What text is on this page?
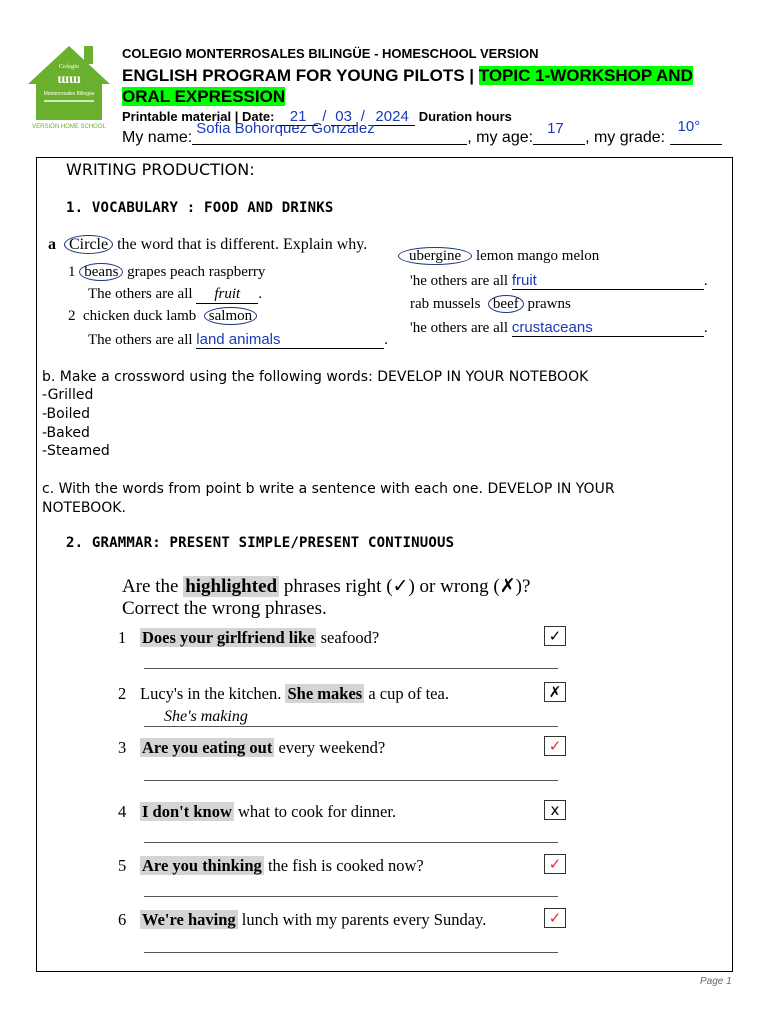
Colegio
ɯɯ
Monterrosales Bilingüe
VERSIÓN HOME SCHOOL
COLEGIO MONTERROSALES BILINGÜE - HOMESCHOOL VERSION
ENGLISH PROGRAM FOR YOUNG PILOTS | TOPIC 1-WORKSHOP AND ORAL EXPRESSION
Printable material | Date: 21 / 03 / 2024 Duration hours
My name:
Sofia Bohorquez Gonzalez
, my age:
17
, my grade:
10°
WRITING PRODUCTION:
1. VOCABULARY : FOOD AND DRINKS
a Circle the word that is different. Explain why.
1 beans grapes peach raspberry
The others are all fruit .
2 chicken duck lamb salmon
The others are all land animals	.
ubergine lemon mango melon
'he others are all fruit	.
rab mussels beef prawns
'he others are all crustaceans	.
b. Make a crossword using the following words: DEVELOP IN YOUR NOTEBOOK
-Grilled
-Boiled
-Baked
-Steamed
c. With the words from point b write a sentence with each one. DEVELOP IN YOUR NOTEBOOK.
2. GRAMMAR: PRESENT SIMPLE/PRESENT CONTINUOUS
Are the highlighted phrases right (✓) or wrong (✗)?
Correct the wrong phrases.
1 Does your girlfriend like seafood?	✓
2 Lucy's in the kitchen. She makes a cup of tea.	✗
She's making
3 Are you eating out every weekend?	✓
4 I don't know what to cook for dinner.	x
5 Are you thinking the fish is cooked now?	✓
6 We're having lunch with my parents every Sunday.	✓
Page 1
